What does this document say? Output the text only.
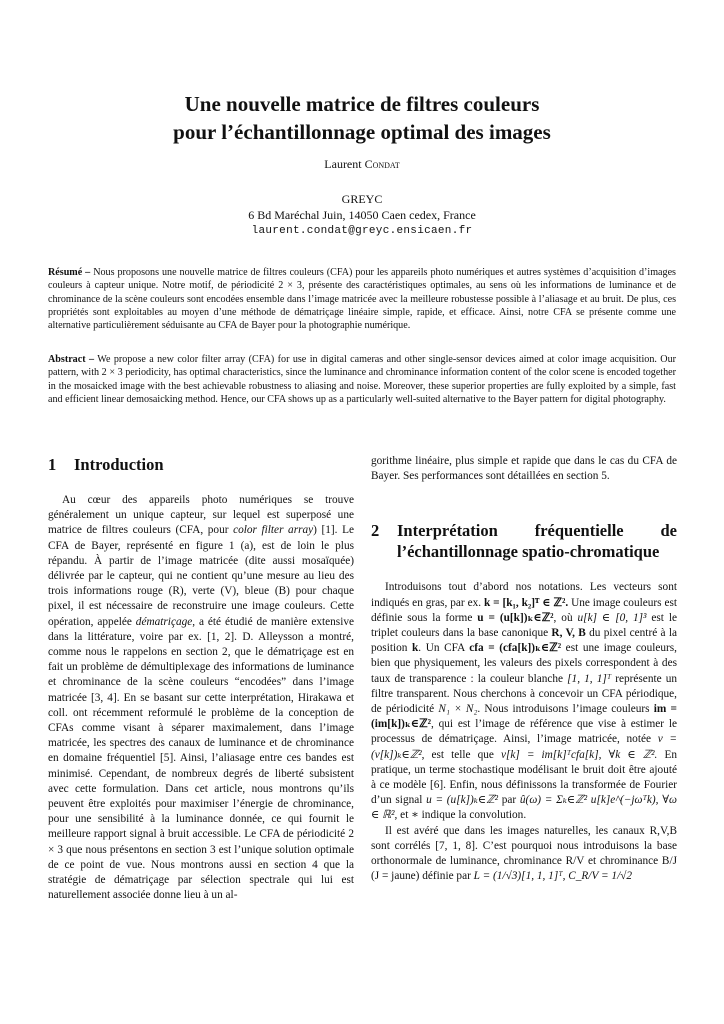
Une nouvelle matrice de filtres couleurs
pour l’échantillonnage optimal des images
Laurent Condat
GREYC
6 Bd Maréchal Juin, 14050 Caen cedex, France
laurent.condat@greyc.ensicaen.fr
Résumé – Nous proposons une nouvelle matrice de filtres couleurs (CFA) pour les appareils photo numériques et autres systèmes d’acquisition d’images couleurs à capteur unique. Notre motif, de périodicité 2 × 3, présente des caractéristiques optimales, au sens où les informations de luminance et de chrominance de la scène couleurs sont encodées ensemble dans l’image matricée avec la meilleure robustesse possible à l’aliasage et au bruit. De plus, ces propriétés sont exploitables au moyen d’une méthode de dématriçage linéaire simple, rapide, et efficace. Ainsi, notre CFA se présente comme une alternative particulièrement séduisante au CFA de Bayer pour la photographie numérique.
Abstract – We propose a new color filter array (CFA) for use in digital cameras and other single-sensor devices aimed at color image acquisition. Our pattern, with 2 × 3 periodicity, has optimal characteristics, since the luminance and chrominance information content of the color scene is encoded together in the mosaicked image with the best achievable robustness to aliasing and noise. Moreover, these superior properties are fully exploited by a simple, fast and efficient linear demosaicking method. Hence, our CFA shows up as a particularly well-suited alternative to the Bayer pattern for digital photography.
1	Introduction

Au cœur des appareils photo numériques se trouve généralement un unique capteur, sur lequel est superposé une matrice de filtres couleurs (CFA, pour color filter array) [1]. Le CFA de Bayer, représenté en figure 1 (a), est de loin le plus répandu. À partir de l’image matricée (dite aussi mosaïquée) délivrée par le capteur, qui ne contient qu’une mesure au lieu des trois informations rouge (R), verte (V), bleue (B) pour chaque pixel, il est nécessaire de reconstruire une image couleurs. Cette opération, appelée dématriçage, a été étudié de manière extensive dans la littérature, voire par ex. [1, 2]. D. Alleysson a montré, comme nous le rappelons en section 2, que le dématriçage est en fait un problème de démultiplexage des informations de luminance et chrominance de la scène couleurs “encodées” dans l’image matricée [3, 4]. En se basant sur cette interprétation, Hirakawa et coll. ont récemment reformulé le problème de la conception de CFAs comme visant à séparer maximalement, dans l’image matricée, les spectres des canaux de luminance et de chrominance en domaine fréquentiel [5]. Ainsi, l’aliasage entre ces bandes est minimisé. Cependant, de nombreux degrés de liberté subsistent avec cette formulation. Dans cet article, nous montrons qu’ils peuvent être exploités pour maximiser l’énergie de chrominance, pour une sensibilité à la luminance donnée, ce qui fournit le meilleure rapport signal à bruit accessible. Le CFA de périodicité 2 × 3 que nous présentons en section 3 est l’unique solution optimale de ce point de vue. Nous montrons aussi en section 4 que la stratégie de dématriçage par sélection spectrale qui lui est naturellement associée donne lieu à un al-

gorithme linéaire, plus simple et rapide que dans le cas du CFA de Bayer. Ses performances sont détaillées en section 5.

2	Interprétation fréquentielle de l’échantillonnage spatio-chromatique

Introduisons tout d’abord nos notations. Les vecteurs sont indiqués en gras, par ex. k = [k₁, k₂]ᵀ ∈ ℤ². Une image couleurs est définie sous la forme u = (u[k])ₖ∈ℤ², où u[k] ∈ [0, 1]³ est le triplet couleurs dans la base canonique R, V, B du pixel centré à la position k. Un CFA cfa = (cfa[k])ₖ∈ℤ² est une image couleurs, bien que physiquement, les valeurs des pixels correspondent à des taux de transparence : la couleur blanche [1, 1, 1]ᵀ représente un filtre transparent. Nous cherchons à concevoir un CFA périodique, de périodicité N₁ × N₂. Nous introduisons l’image couleurs im = (im[k])ₖ∈ℤ², qui est l’image de référence que vise à estimer le processus de dématriçage. Ainsi, l’image matricée, notée v = (v[k])ₖ∈ℤ², est telle que v[k] = im[k]ᵀcfa[k], ∀k ∈ ℤ². En pratique, un terme stochastique modélisant le bruit doit être ajouté à ce modèle [6]. Enfin, nous définissons la transformée de Fourier d’un signal u = (u[k])ₖ∈ℤ² par û(ω) = Σₖ∈ℤ² u[k]e^(−jωᵀk), ∀ω ∈ ℝ², et ∗ indique la convolution.

Il est avéré que dans les images naturelles, les canaux R,V,B sont corrélés [7, 1, 8]. C’est pourquoi nous introduisons la base orthonormale de luminance, chrominance R/V et chrominance B/J (J = jaune) définie par L = (1/√3)[1, 1, 1]ᵀ, C_R/V = 1/√2
